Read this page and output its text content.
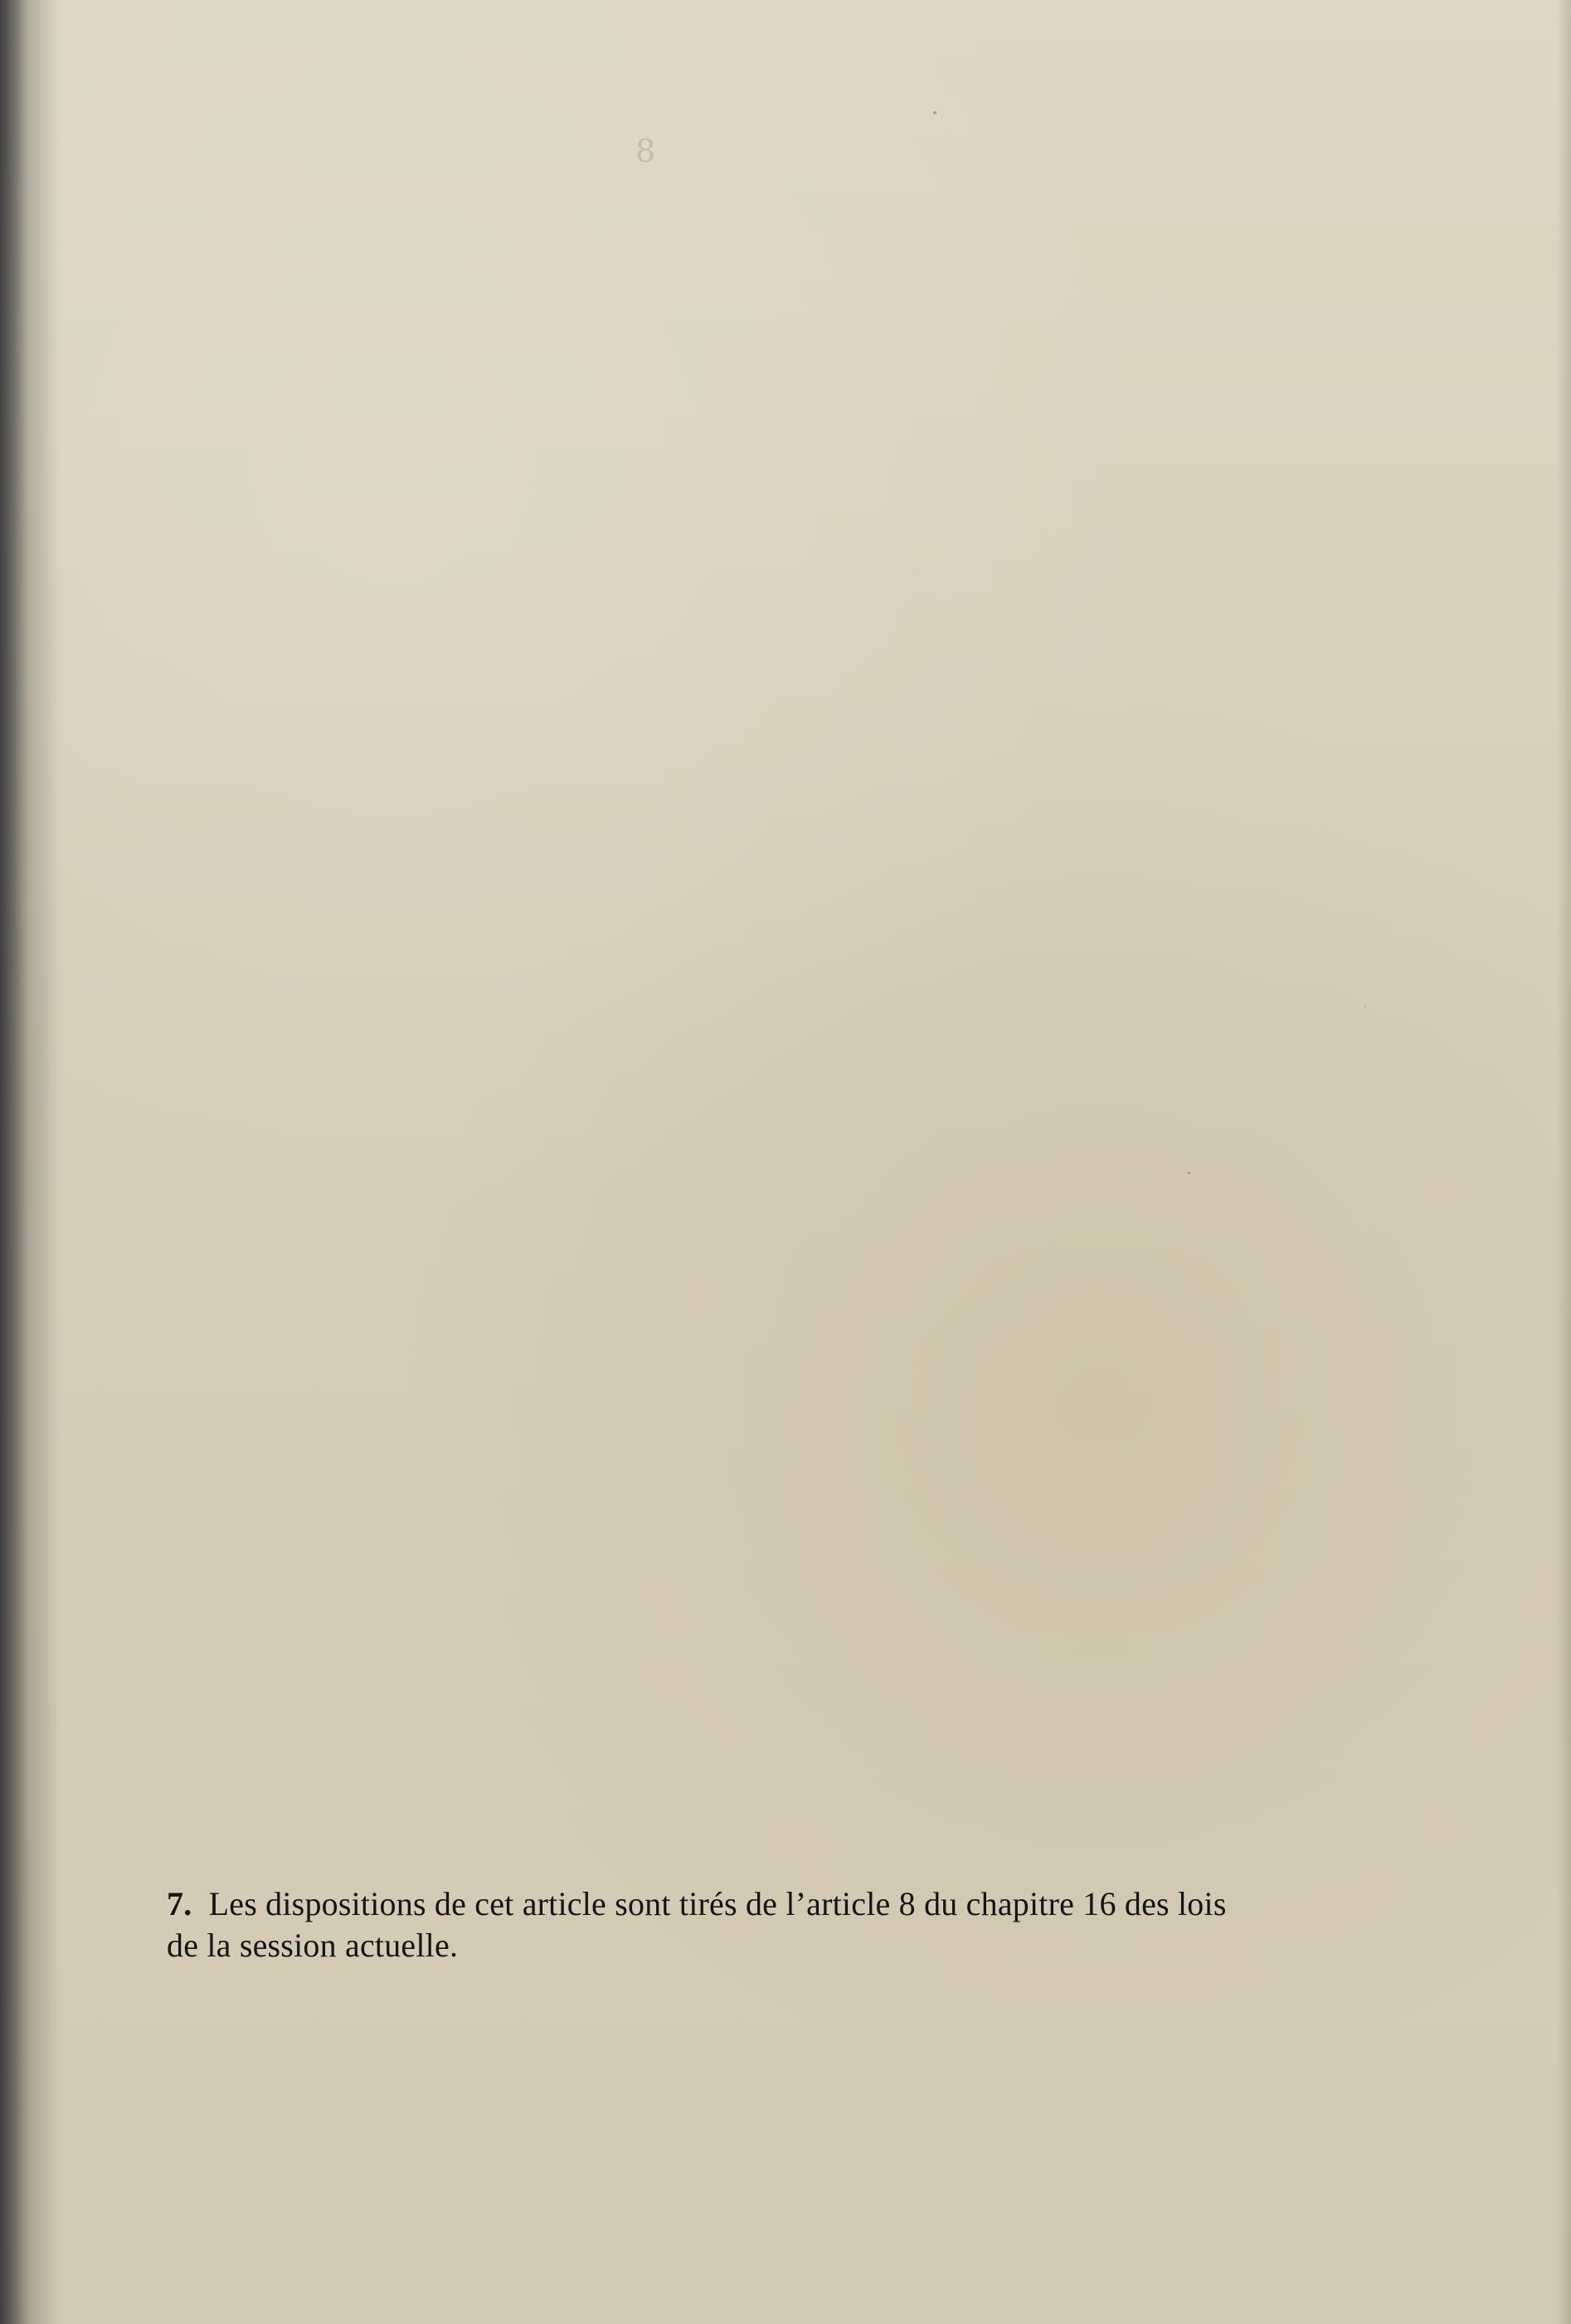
8
7. Les dispositions de cet article sont tirés de l’article 8 du chapitre 16 des lois de la session actuelle.
